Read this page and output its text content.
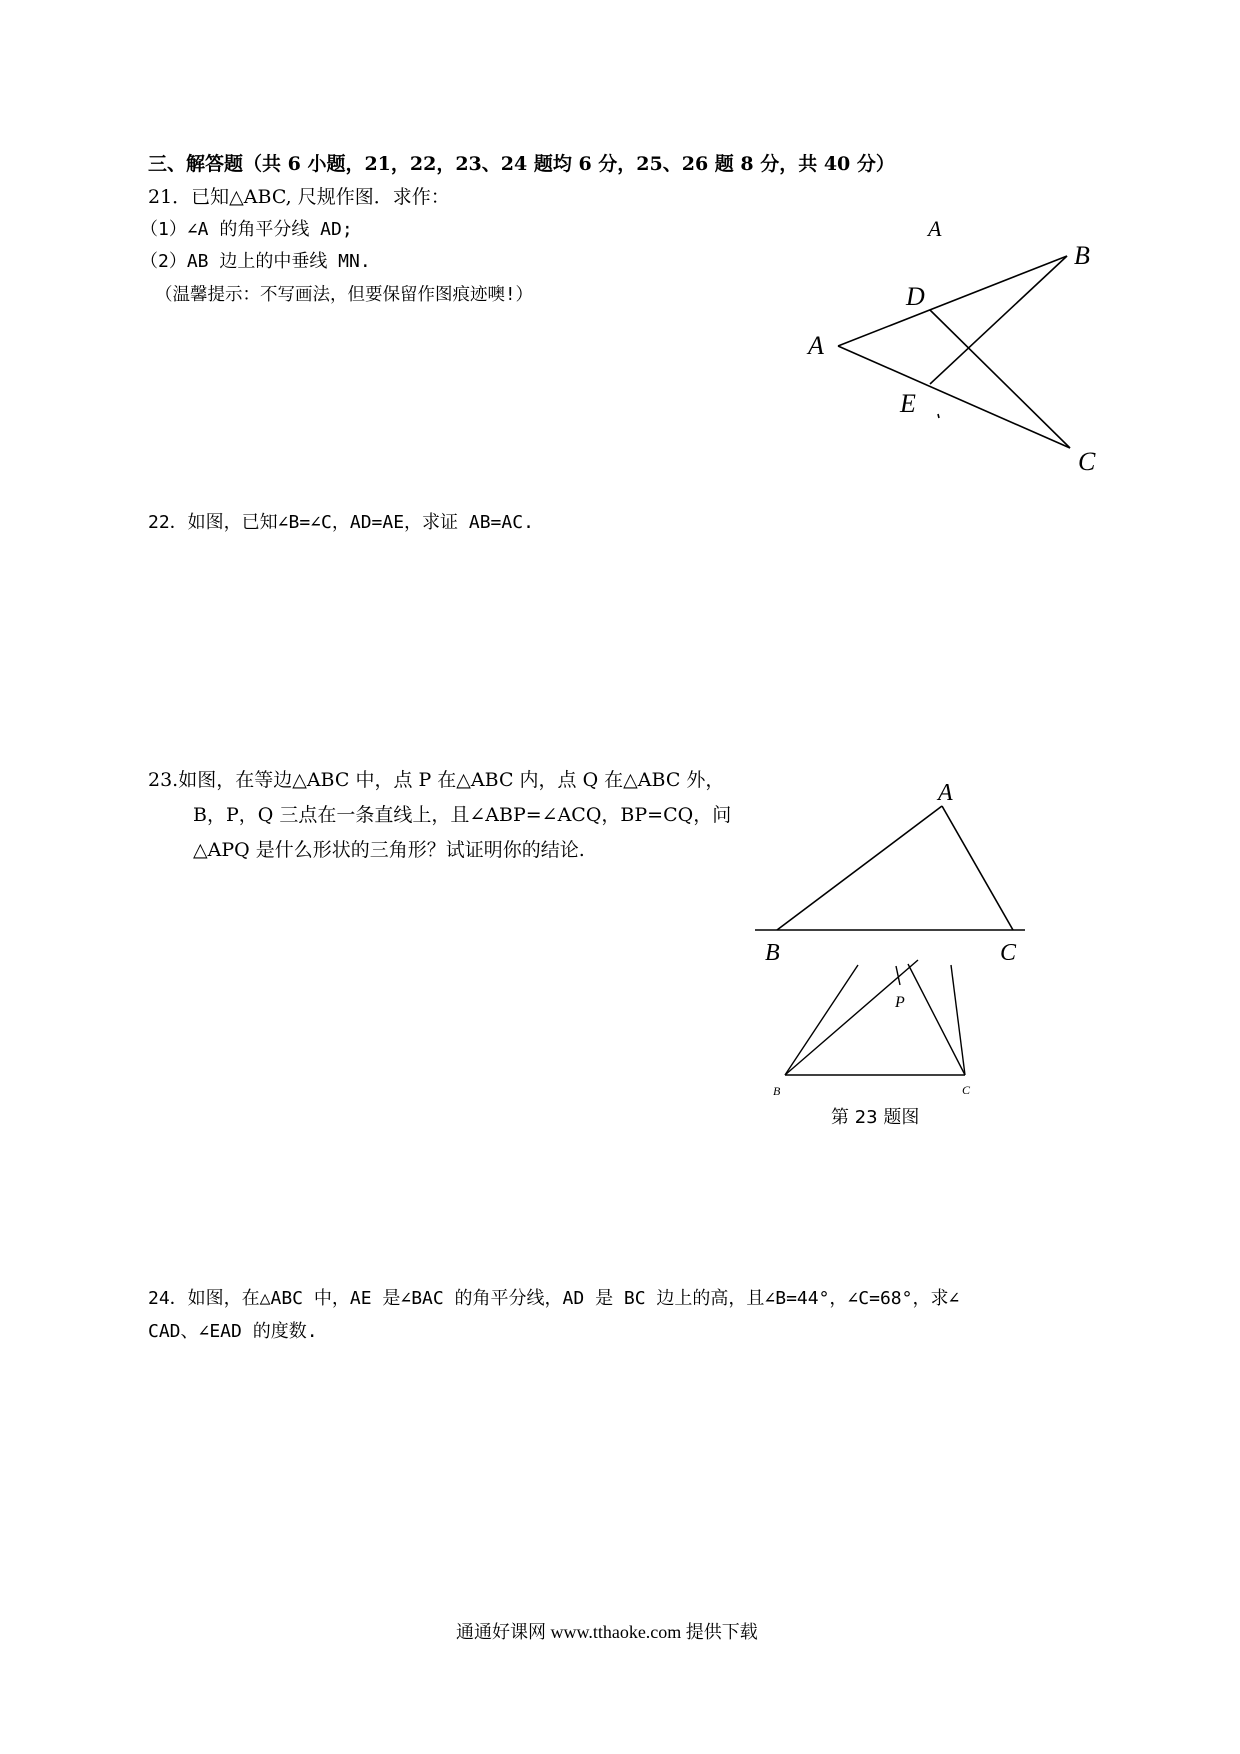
三、解答题（共 6 小题，21，22，23、24 题均 6 分，25、26 题 8 分，共 40 分）
21．已知△ABC, 尺规作图．求作：
（1）∠A 的角平分线 AD;
（2）AB 边上的中垂线 MN.
（温馨提示：不写画法，但要保留作图痕迹噢!）
A
B
D
A
E
C
22．如图，已知∠B=∠C，AD=AE，求证 AB=AC.
23.如图，在等边△ABC 中，点 P 在△ABC 内，点 Q 在△ABC 外，
B，P，Q 三点在一条直线上，且∠ABP=∠ACQ，BP=CQ，问
△APQ 是什么形状的三角形？试证明你的结论.
A
B	C
P
B	C
第 23 题图
24．如图，在△ABC 中，AE 是∠BAC 的角平分线，AD 是 BC 边上的高，且∠B=44°，∠C=68°，求∠
CAD、∠EAD 的度数.
通通好课网 www.tthaoke.com 提供下载
